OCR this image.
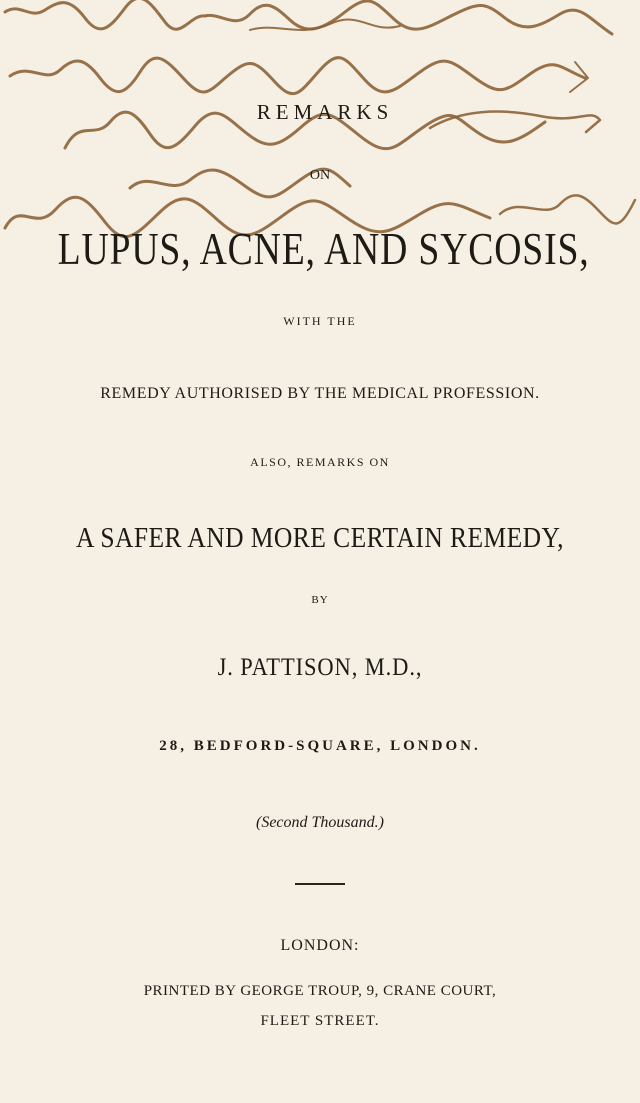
REMARKS
ON
LUPUS, ACNE, AND SYCOSIS,
WITH THE
REMEDY AUTHORISED BY THE MEDICAL PROFESSION.
ALSO, REMARKS ON
A SAFER AND MORE CERTAIN REMEDY,
BY
J. PATTISON, M.D.,
28, BEDFORD-SQUARE, LONDON.
(Second Thousand.)
LONDON:
PRINTED BY GEORGE TROUP, 9, CRANE COURT,
FLEET STREET.
